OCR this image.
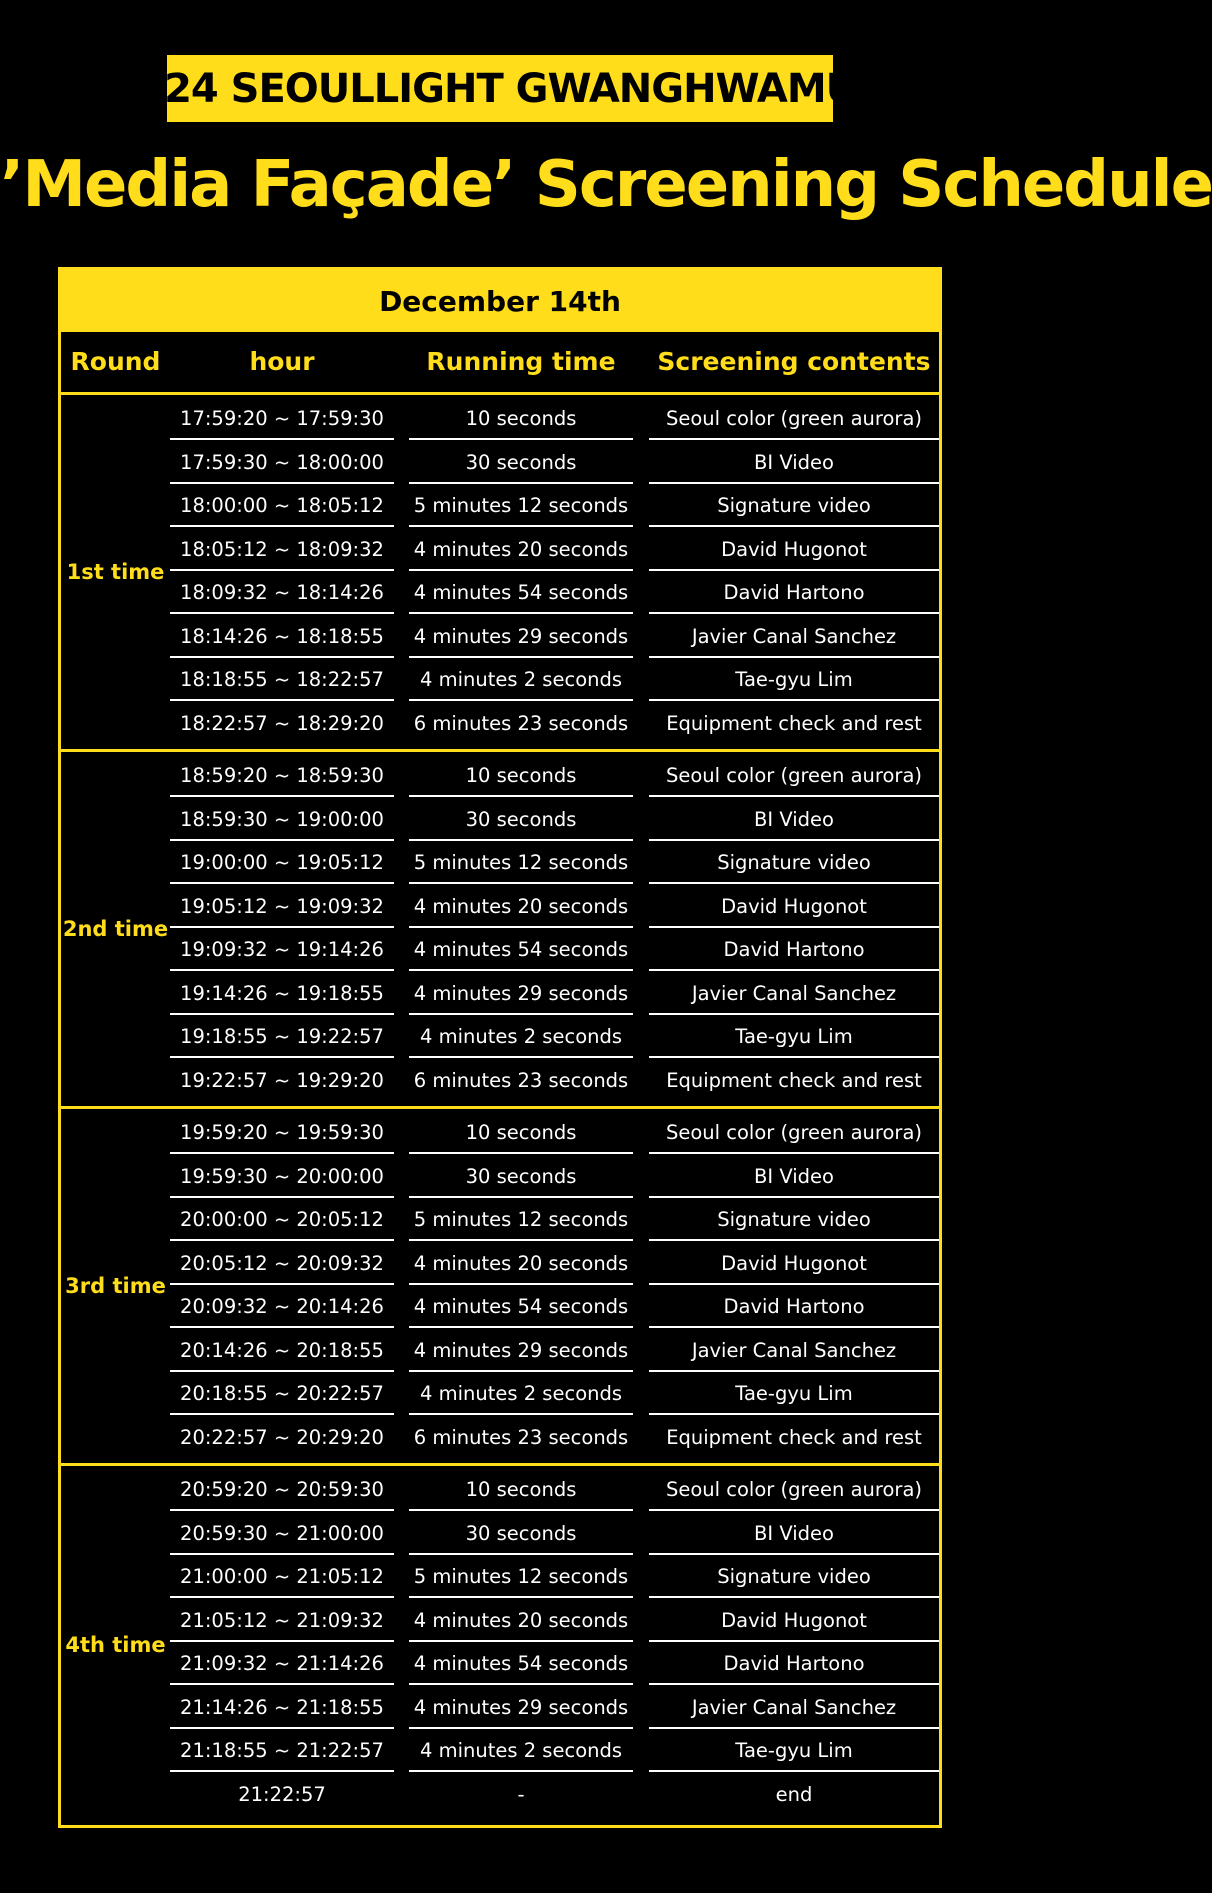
2024 SEOULLIGHT GWANGHWAMUN
’Media Façade’ Screening Schedule
December 14th
Round	hour	Running time	Screening contents
1st time
17:59:20 ~ 17:59:30	10 seconds	Seoul color (green aurora)
17:59:30 ~ 18:00:00	30 seconds	BI Video
18:00:00 ~ 18:05:12	5 minutes 12 seconds	Signature video
18:05:12 ~ 18:09:32	4 minutes 20 seconds	David Hugonot
18:09:32 ~ 18:14:26	4 minutes 54 seconds	David Hartono
18:14:26 ~ 18:18:55	4 minutes 29 seconds	Javier Canal Sanchez
18:18:55 ~ 18:22:57	4 minutes 2 seconds	Tae-gyu Lim
18:22:57 ~ 18:29:20	6 minutes 23 seconds	Equipment check and rest
2nd time
18:59:20 ~ 18:59:30	10 seconds	Seoul color (green aurora)
18:59:30 ~ 19:00:00	30 seconds	BI Video
19:00:00 ~ 19:05:12	5 minutes 12 seconds	Signature video
19:05:12 ~ 19:09:32	4 minutes 20 seconds	David Hugonot
19:09:32 ~ 19:14:26	4 minutes 54 seconds	David Hartono
19:14:26 ~ 19:18:55	4 minutes 29 seconds	Javier Canal Sanchez
19:18:55 ~ 19:22:57	4 minutes 2 seconds	Tae-gyu Lim
19:22:57 ~ 19:29:20	6 minutes 23 seconds	Equipment check and rest
3rd time
19:59:20 ~ 19:59:30	10 seconds	Seoul color (green aurora)
19:59:30 ~ 20:00:00	30 seconds	BI Video
20:00:00 ~ 20:05:12	5 minutes 12 seconds	Signature video
20:05:12 ~ 20:09:32	4 minutes 20 seconds	David Hugonot
20:09:32 ~ 20:14:26	4 minutes 54 seconds	David Hartono
20:14:26 ~ 20:18:55	4 minutes 29 seconds	Javier Canal Sanchez
20:18:55 ~ 20:22:57	4 minutes 2 seconds	Tae-gyu Lim
20:22:57 ~ 20:29:20	6 minutes 23 seconds	Equipment check and rest
4th time
20:59:20 ~ 20:59:30	10 seconds	Seoul color (green aurora)
20:59:30 ~ 21:00:00	30 seconds	BI Video
21:00:00 ~ 21:05:12	5 minutes 12 seconds	Signature video
21:05:12 ~ 21:09:32	4 minutes 20 seconds	David Hugonot
21:09:32 ~ 21:14:26	4 minutes 54 seconds	David Hartono
21:14:26 ~ 21:18:55	4 minutes 29 seconds	Javier Canal Sanchez
21:18:55 ~ 21:22:57	4 minutes 2 seconds	Tae-gyu Lim
21:22:57	-	end
